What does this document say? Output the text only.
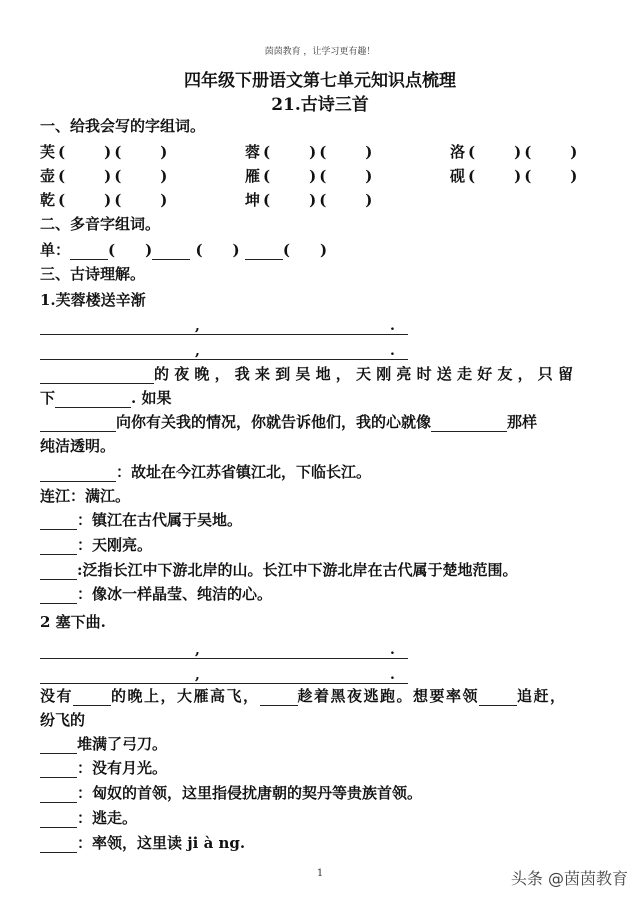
茵茵教育 ，让学习更有趣！
四年级下册语文第七单元知识点梳理
21.古诗三首
一、给我会写的字组词。
芙(　　)(　　)	蓉(　　)(　　)	洛(　　)(　　)
壶(　　)(　　)	雁(　　)(　　)	砚(　　)(　　)
乾(　　)(　　)	坤(　　)(　　)
二、多音字组词。
单：	(　　)	(　　)	(　　)
三、古诗理解。
1.芙蓉楼送辛渐
,	.
,	.
的夜晚，我来到吴地，天刚亮时送走好友，只留
下	. 如果
向你有关我的情况，你就告诉他们，我的心就像	那样
纯洁透明。
：故址在今江苏省镇江北，下临长江。
连江：满江。
：镇江在古代属于吴地。
：天刚亮。
:泛指长江中下游北岸的山。长江中下游北岸在古代属于楚地范围。
：像冰一样晶莹、纯洁的心。
2 塞下曲.
,	.
,	.
没有	的晚上，大雁高飞，	趁着黑夜逃跑。想要率领	追赶，
纷飞的
堆满了弓刀。
：没有月光。
：匈奴的首领，这里指侵扰唐朝的契丹等贵族首领。
：逃走。
：率领，这里读 ji à ng.
1	头条 @茵茵教育
